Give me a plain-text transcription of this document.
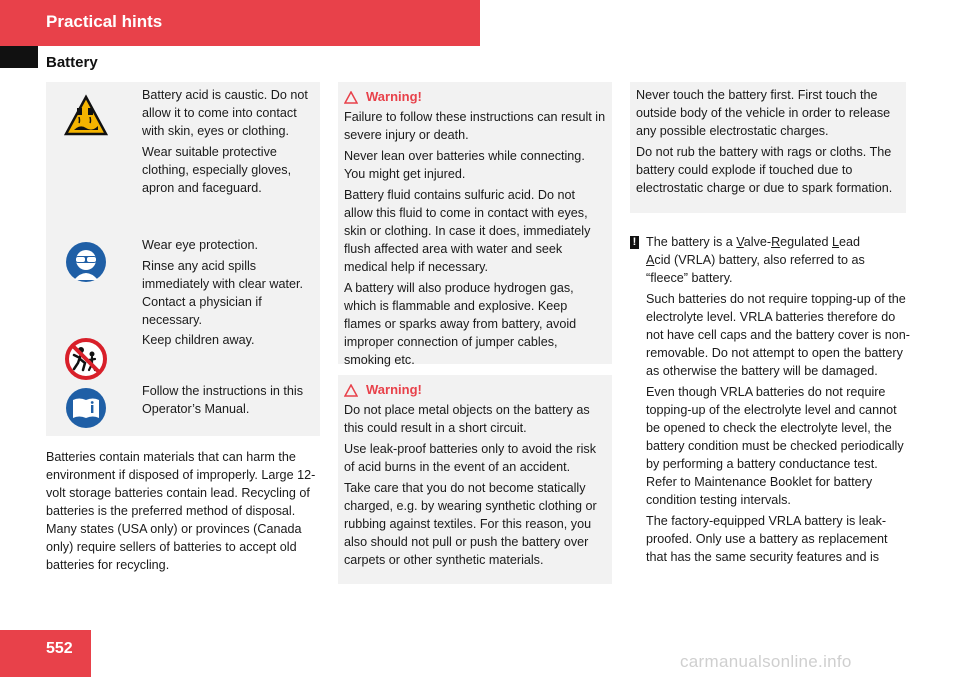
Practical hints
Battery

Battery acid is caustic. Do not allow it to come into contact with skin, eyes or clothing.

Wear suitable protective clothing, especially gloves, apron and faceguard.

Wear eye protection.

Rinse any acid spills immediately with clear water. Contact a physician if necessary.

Keep children away.

Follow the instructions in this Operator’s Manual.

Batteries contain materials that can harm the environment if disposed of improperly. Large 12-volt storage batteries contain lead. Recycling of batteries is the preferred method of disposal. Many states (USA only) or provinces (Canada only) require sellers of batteries to accept old batteries for recycling.
Warning!

Failure to follow these instructions can result in severe injury or death.

Never lean over batteries while connecting. You might get injured.

Battery fluid contains sulfuric acid. Do not allow this fluid to come in contact with eyes, skin or clothing. In case it does, immediately flush affected area with water and seek medical help if necessary.

A battery will also produce hydrogen gas, which is flammable and explosive. Keep flames or sparks away from battery, avoid improper connection of jumper cables, smoking etc.

Warning!

Do not place metal objects on the battery as this could result in a short circuit.

Use leak-proof batteries only to avoid the risk of acid burns in the event of an accident.

Take care that you do not become statically charged, e.g. by wearing synthetic clothing or rubbing against textiles. For this reason, you also should not pull or push the battery over carpets or other synthetic materials.

Never touch the battery first. First touch the outside body of the vehicle in order to release any possible electrostatic charges.

Do not rub the battery with rags or cloths. The battery could explode if touched due to electrostatic charge or due to spark formation.

! The battery is a Valve-Regulated Lead

Acid (VRLA) battery, also referred to as “fleece” battery.

Such batteries do not require topping-up of the electrolyte level. VRLA batteries therefore do not have cell caps and the battery cover is non-removable. Do not attempt to open the battery as otherwise the battery will be damaged.

Even though VRLA batteries do not require topping-up of the electrolyte level and cannot be opened to check the electrolyte level, the battery condition must be checked periodically by performing a battery conductance test. Refer to Maintenance Booklet for battery condition testing intervals.

The factory-equipped VRLA battery is leak-proofed. Only use a battery as replacement that has the same security features and is

552
carmanualsonline.info
